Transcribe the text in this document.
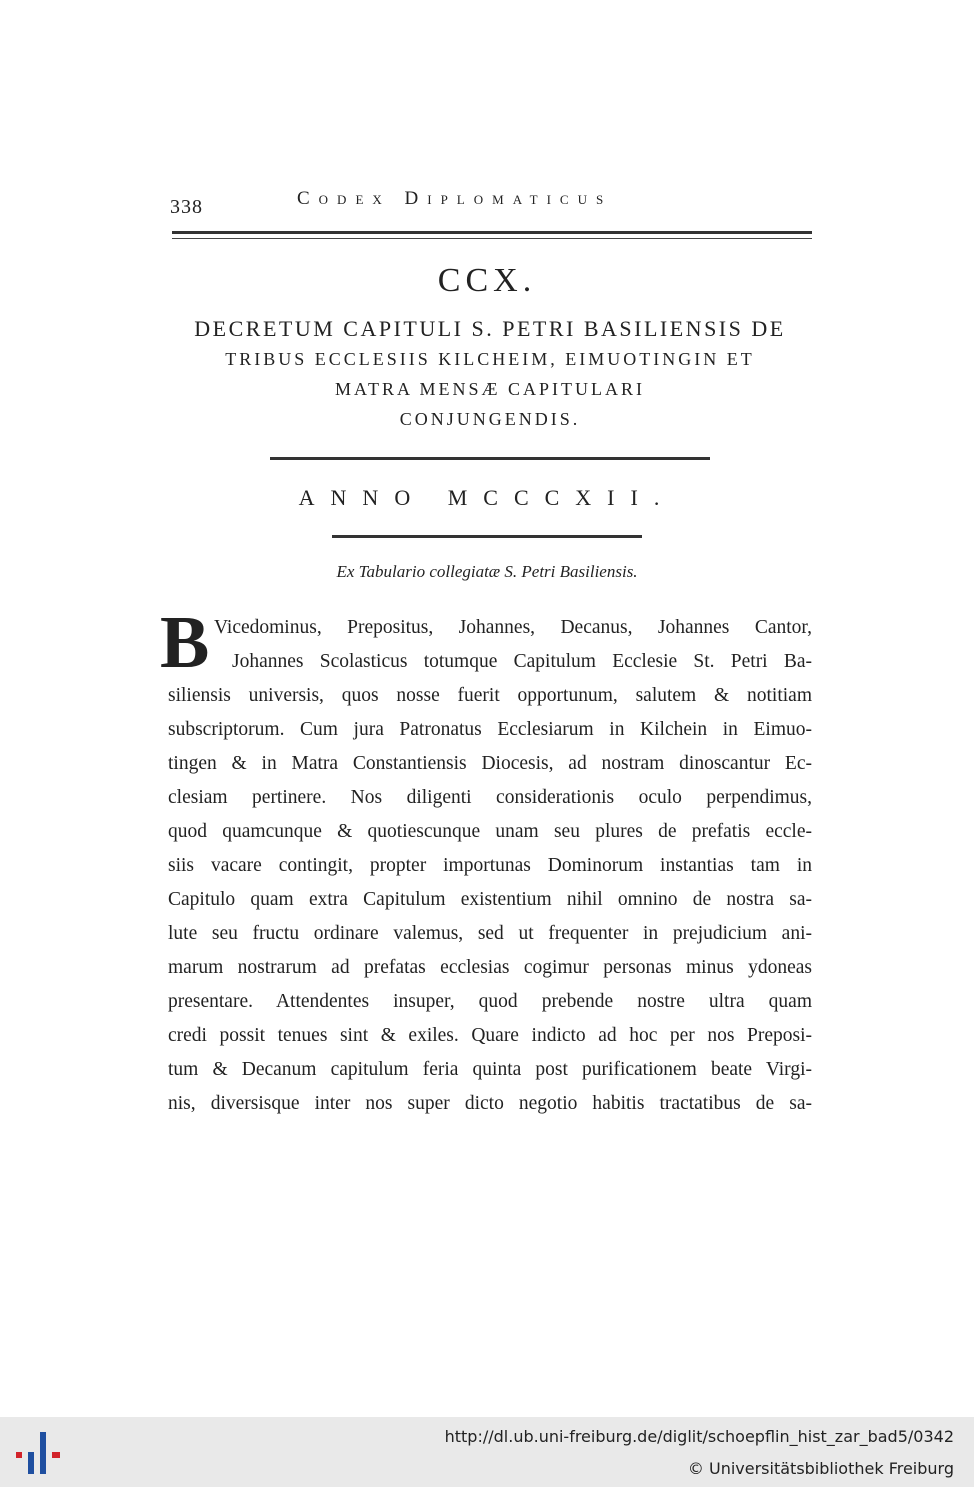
338	Codex Diplomaticus
CCX.
DECRETUM CAPITULI S. PETRI BASILIENSIS DE
TRIBUS ECCLESIIS KILCHEIM, EIMUOTINGIN ET
MATRA MENSÆ CAPITULARI
CONJUNGENDIS.
ANNO MCCCXII.
Ex Tabulario collegiatæ S. Petri Basiliensis.
B Vicedominus, Prepositus, Johannes, Decanus, Johannes Cantor,
Johannes Scolasticus totumque Capitulum Ecclesie St. Petri Ba-
siliensis universis, quos nosse fuerit opportunum, salutem & notitiam
subscriptorum. Cum jura Patronatus Ecclesiarum in Kilchein in Eimuo-
tingen & in Matra Constantiensis Diocesis, ad nostram dinoscantur Ec-
clesiam pertinere. Nos diligenti considerationis oculo perpendimus,
quod quamcunque & quotiescunque unam seu plures de prefatis eccle-
siis vacare contingit, propter importunas Dominorum instantias tam in
Capitulo quam extra Capitulum existentium nihil omnino de nostra sa-
lute seu fructu ordinare valemus, sed ut frequenter in prejudicium ani-
marum nostrarum ad prefatas ecclesias cogimur personas minus ydoneas
presentare. Attendentes insuper, quod prebende nostre ultra quam
credi possit tenues sint & exiles. Quare indicto ad hoc per nos Preposi-
tum & Decanum capitulum feria quinta post purificationem beate Virgi-
nis, diversisque inter nos super dicto negotio habitis tractatibus de sa-
http://dl.ub.uni-freiburg.de/diglit/schoepflin_hist_zar_bad5/0342
© Universitätsbibliothek Freiburg
